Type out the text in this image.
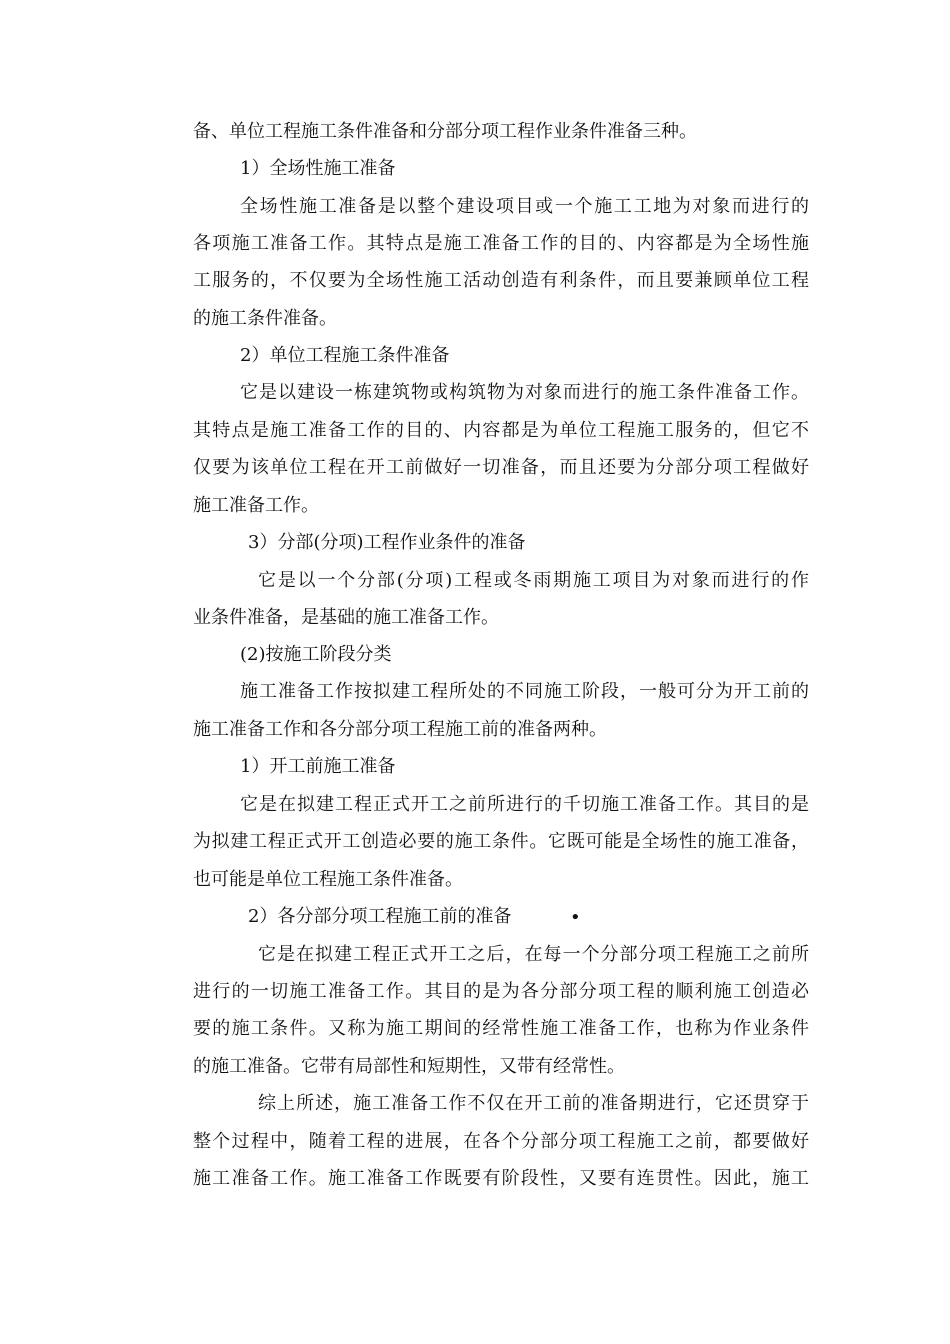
备、单位工程施工条件准备和分部分项工程作业条件准备三种。
1）全场性施工准备
全场性施工准备是以整个建设项目或一个施工工地为对象而进行的
各项施工准备工作。其特点是施工准备工作的目的、内容都是为全场性施
工服务的，不仅要为全场性施工活动创造有利条件，而且要兼顾单位工程
的施工条件准备。
2）单位工程施工条件准备
它是以建设一栋建筑物或构筑物为对象而进行的施工条件准备工作。
其特点是施工准备工作的目的、内容都是为单位工程施工服务的，但它不
仅要为该单位工程在开工前做好一切准备，而且还要为分部分项工程做好
施工准备工作。
3）分部(分项)工程作业条件的准备
它是以一个分部(分项)工程或冬雨期施工项目为对象而进行的作
业条件准备，是基础的施工准备工作。
(2)按施工阶段分类
施工准备工作按拟建工程所处的不同施工阶段，一般可分为开工前的
施工准备工作和各分部分项工程施工前的准备两种。
1）开工前施工准备
它是在拟建工程正式开工之前所进行的千切施工准备工作。其目的是
为拟建工程正式开工创造必要的施工条件。它既可能是全场性的施工准备，
也可能是单位工程施工条件准备。
2）各分部分项工程施工前的准备	•
它是在拟建工程正式开工之后，在每一个分部分项工程施工之前所
进行的一切施工准备工作。其目的是为各分部分项工程的顺利施工创造必
要的施工条件。又称为施工期间的经常性施工准备工作，也称为作业条件
的施工准备。它带有局部性和短期性，又带有经常性。
综上所述，施工准备工作不仅在开工前的准备期进行，它还贯穿于
整个过程中，随着工程的进展，在各个分部分项工程施工之前，都要做好
施工准备工作。施工准备工作既要有阶段性，又要有连贯性。因此，施工
